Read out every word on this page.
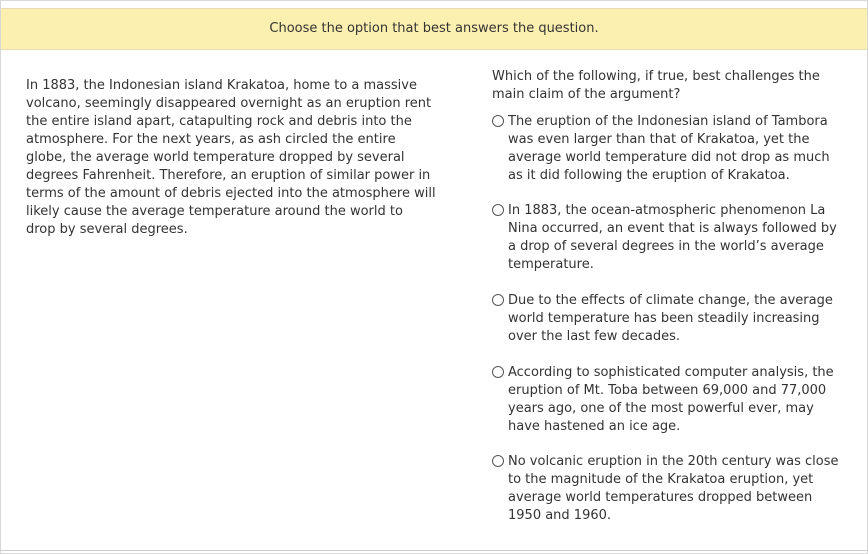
Choose the option that best answers the question.
In 1883, the Indonesian island Krakatoa, home to a massive volcano, seemingly disappeared overnight as an eruption rent the entire island apart, catapulting rock and debris into the atmosphere. For the next years, as ash circled the entire globe, the average world temperature dropped by several degrees Fahrenheit. Therefore, an eruption of similar power in terms of the amount of debris ejected into the atmosphere will likely cause the average temperature around the world to drop by several degrees.
Which of the following, if true, best challenges the main claim of the argument?
The eruption of the Indonesian island of Tambora was even larger than that of Krakatoa, yet the average world temperature did not drop as much as it did following the eruption of Krakatoa.
In 1883, the ocean-atmospheric phenomenon La Nina occurred, an event that is always followed by a drop of several degrees in the world’s average temperature.
Due to the effects of climate change, the average world temperature has been steadily increasing over the last few decades.
According to sophisticated computer analysis, the eruption of Mt. Toba between 69,000 and 77,000 years ago, one of the most powerful ever, may have hastened an ice age.
No volcanic eruption in the 20th century was close to the magnitude of the Krakatoa eruption, yet average world temperatures dropped between 1950 and 1960.
